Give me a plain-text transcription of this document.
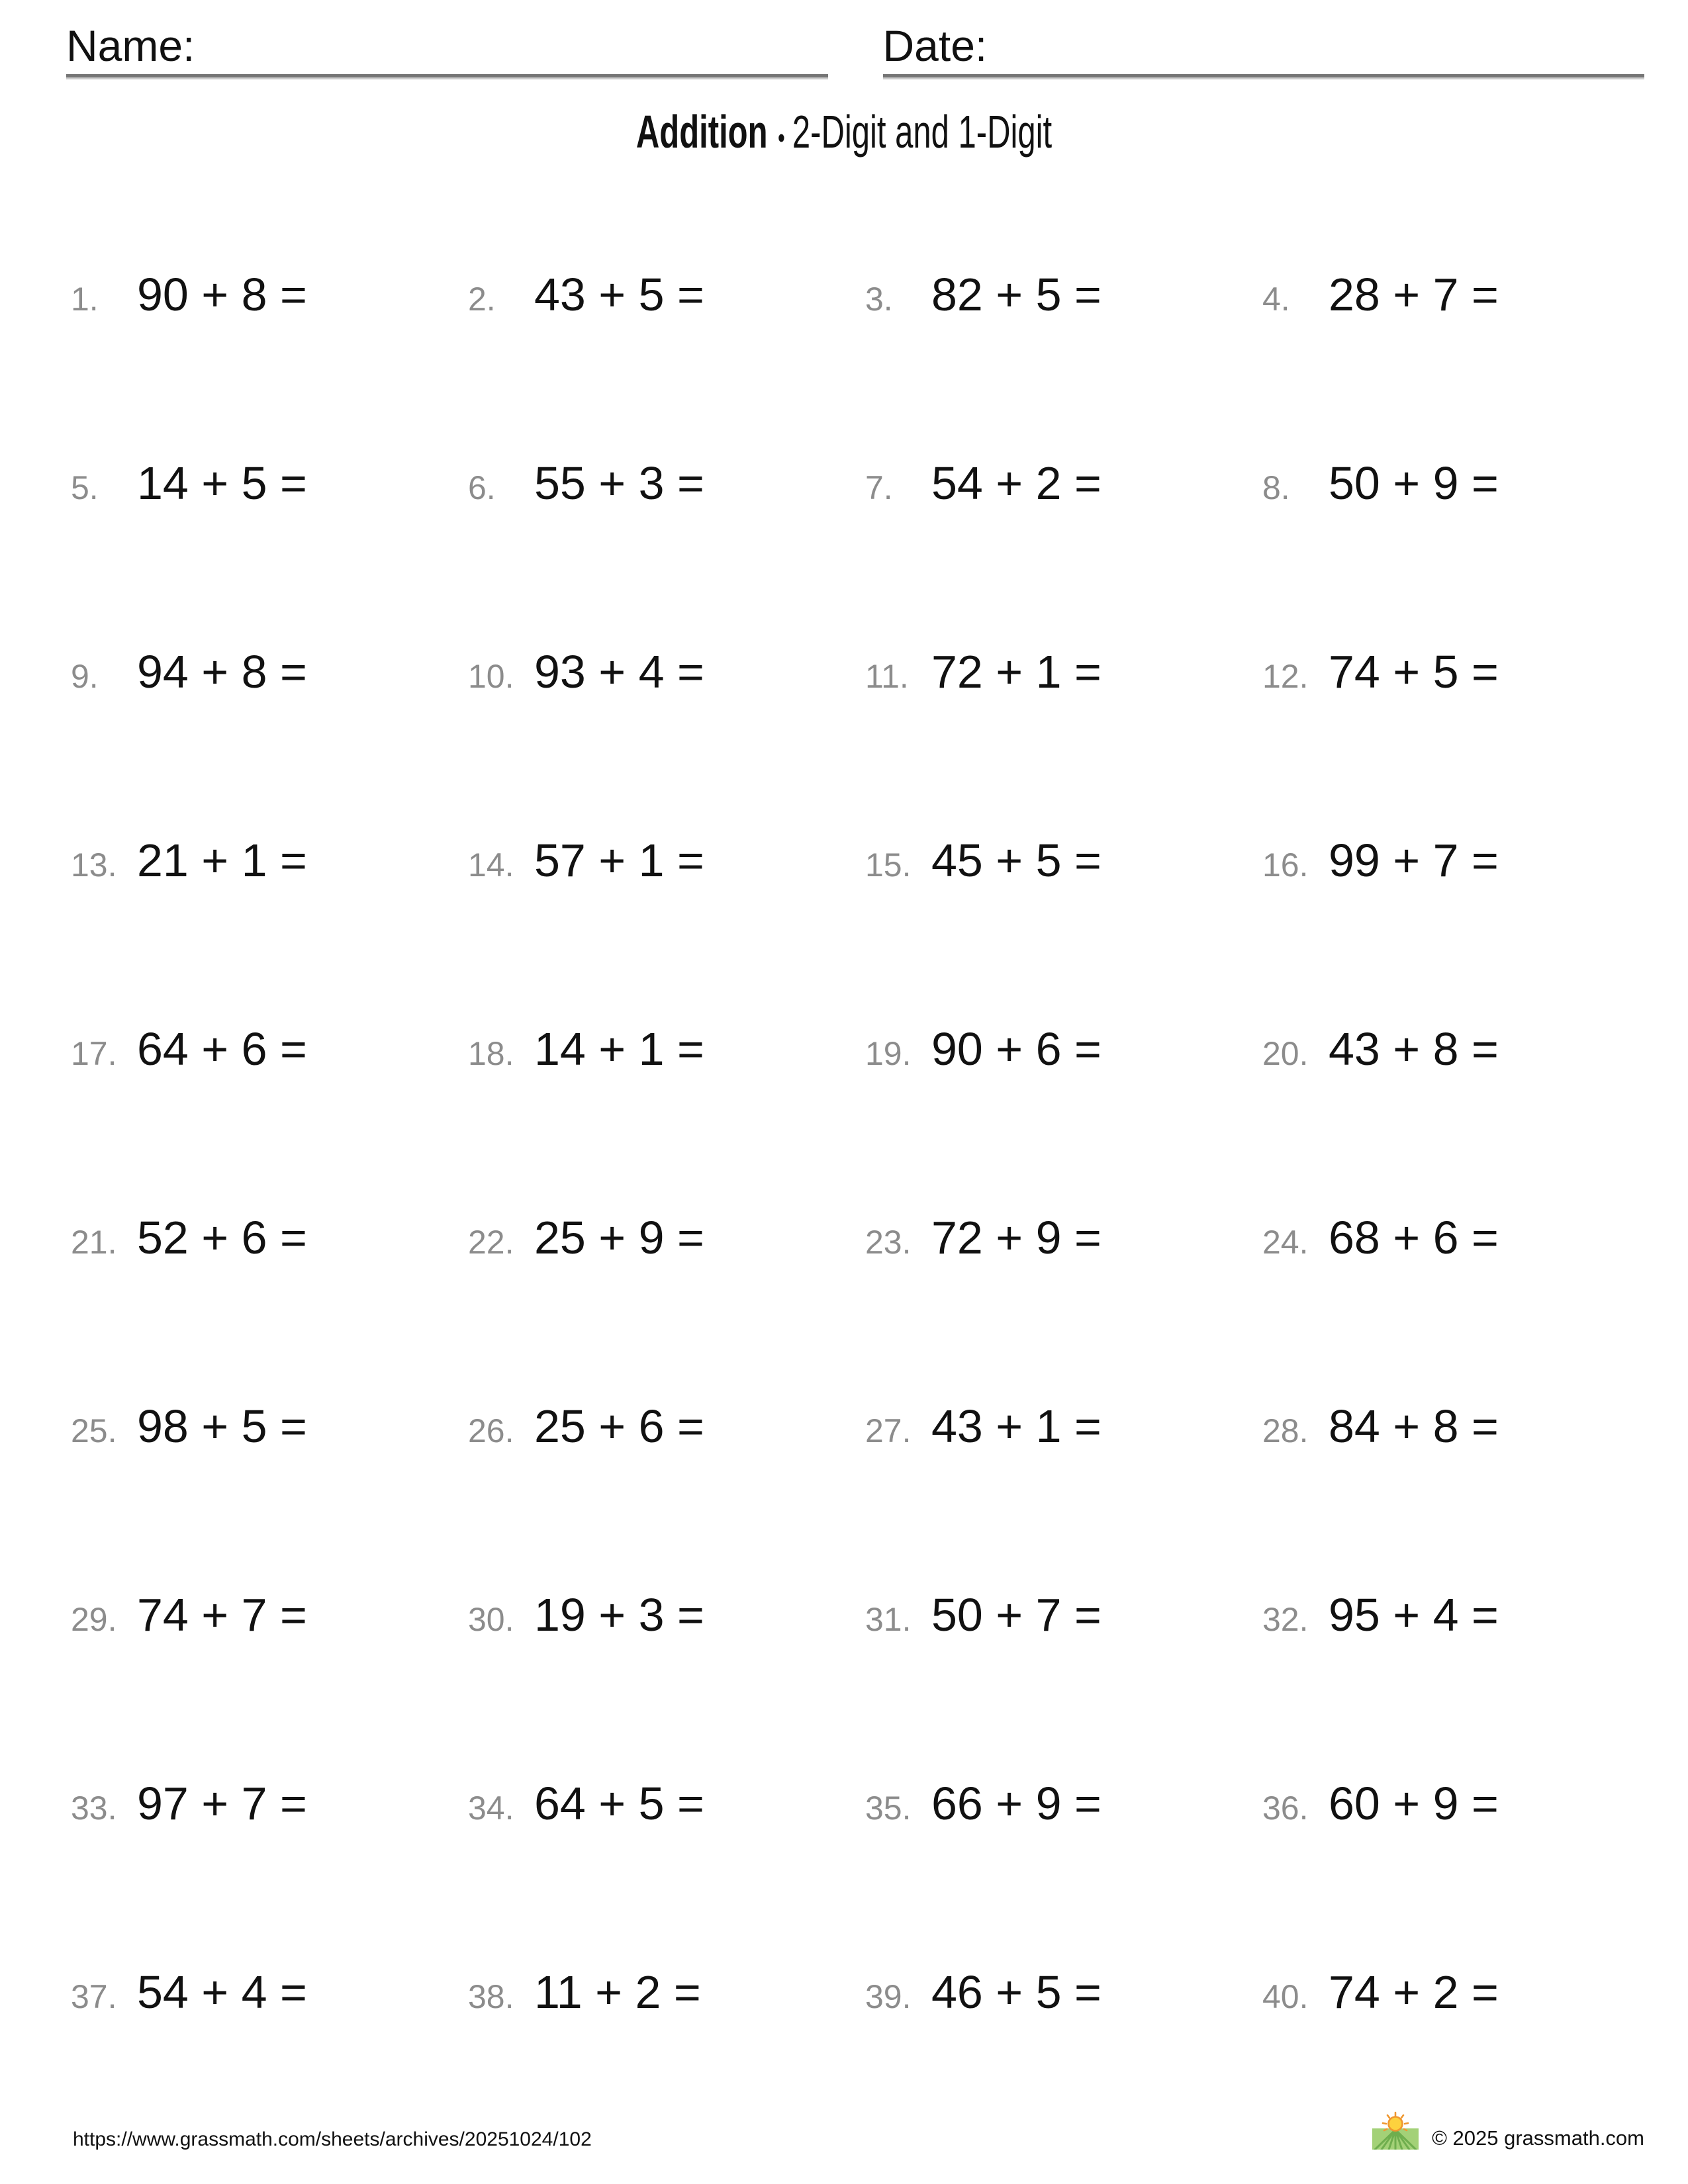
Name:	Date:
Addition • 2-Digit and 1-Digit
1. 90 + 8 =	2. 43 + 5 =	3. 82 + 5 =	4. 28 + 7 =
5. 14 + 5 =	6. 55 + 3 =	7. 54 + 2 =	8. 50 + 9 =
9. 94 + 8 =	10. 93 + 4 =	11. 72 + 1 =	12. 74 + 5 =
13. 21 + 1 =	14. 57 + 1 =	15. 45 + 5 =	16. 99 + 7 =
17. 64 + 6 =	18. 14 + 1 =	19. 90 + 6 =	20. 43 + 8 =
21. 52 + 6 =	22. 25 + 9 =	23. 72 + 9 =	24. 68 + 6 =
25. 98 + 5 =	26. 25 + 6 =	27. 43 + 1 =	28. 84 + 8 =
29. 74 + 7 =	30. 19 + 3 =	31. 50 + 7 =	32. 95 + 4 =
33. 97 + 7 =	34. 64 + 5 =	35. 66 + 9 =	36. 60 + 9 =
37. 54 + 4 =	38. 11 + 2 =	39. 46 + 5 =	40. 74 + 2 =
https://www.grassmath.com/sheets/archives/20251024/102	© 2025 grassmath.com
